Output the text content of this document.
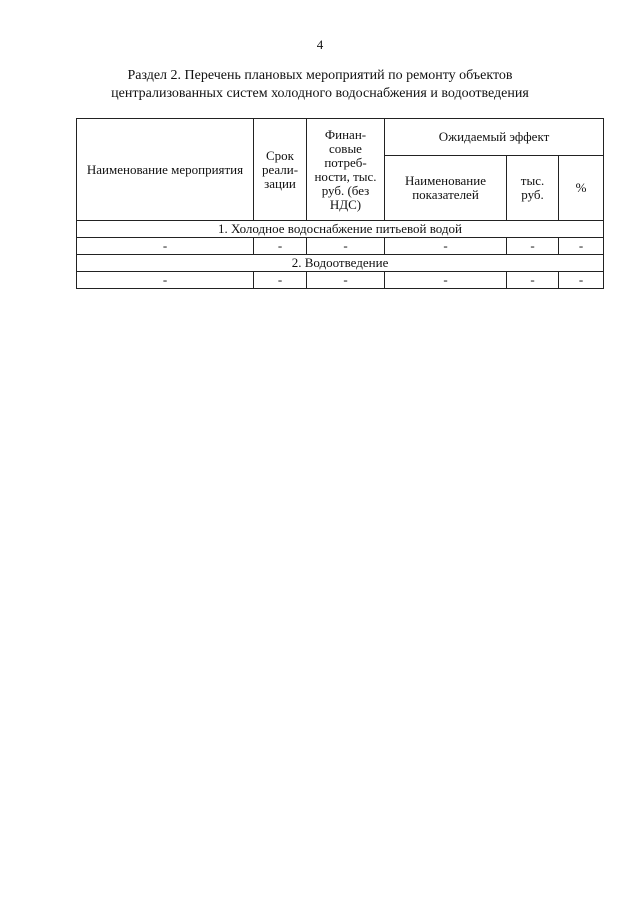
4
Раздел 2. Перечень плановых мероприятий по ремонту объектов
централизованных систем холодного водоснабжения и водоотведения
Наименование мероприятия	Срок реали-зации	Финан-совые потреб-ности, тыс. руб. (без НДС)	Ожидаемый эффект		
			Наименование показателей	тыс. руб.	%
1. Холодное водоснабжение питьевой водой					
-	-	-	-	-	-
2. Водоотведение					
-	-	-	-	-	-
